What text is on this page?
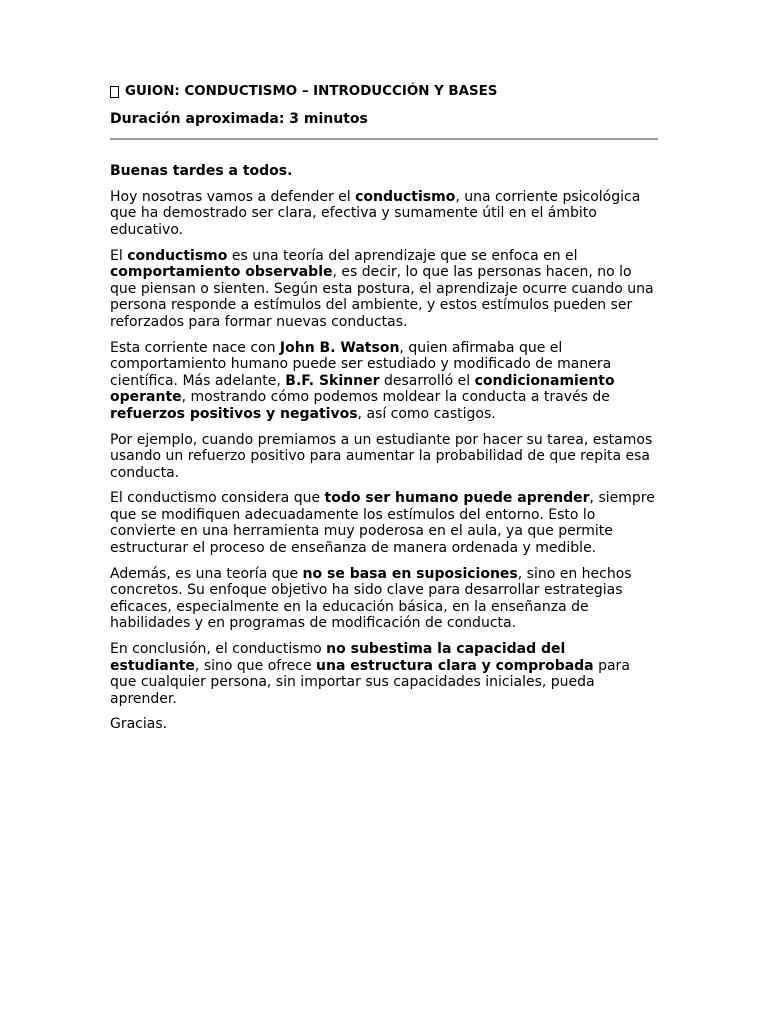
GUION: CONDUCTISMO – INTRODUCCIÓN Y BASES
Duración aproximada: 3 minutos

Buenas tardes a todos.

Hoy nosotras vamos a defender el conductismo, una corriente psicológica que ha demostrado ser clara, efectiva y sumamente útil en el ámbito educativo.

El conductismo es una teoría del aprendizaje que se enfoca en el comportamiento observable, es decir, lo que las personas hacen, no lo que piensan o sienten. Según esta postura, el aprendizaje ocurre cuando una persona responde a estímulos del ambiente, y estos estímulos pueden ser reforzados para formar nuevas conductas.

Esta corriente nace con John B. Watson, quien afirmaba que el comportamiento humano puede ser estudiado y modificado de manera científica. Más adelante, B.F. Skinner desarrolló el condicionamiento operante, mostrando cómo podemos moldear la conducta a través de refuerzos positivos y negativos, así como castigos.

Por ejemplo, cuando premiamos a un estudiante por hacer su tarea, estamos usando un refuerzo positivo para aumentar la probabilidad de que repita esa conducta.

El conductismo considera que todo ser humano puede aprender, siempre que se modifiquen adecuadamente los estímulos del entorno. Esto lo convierte en una herramienta muy poderosa en el aula, ya que permite estructurar el proceso de enseñanza de manera ordenada y medible.

Además, es una teoría que no se basa en suposiciones, sino en hechos concretos. Su enfoque objetivo ha sido clave para desarrollar estrategias eficaces, especialmente en la educación básica, en la enseñanza de habilidades y en programas de modificación de conducta.

En conclusión, el conductismo no subestima la capacidad del estudiante, sino que ofrece una estructura clara y comprobada para que cualquier persona, sin importar sus capacidades iniciales, pueda aprender.

Gracias.
